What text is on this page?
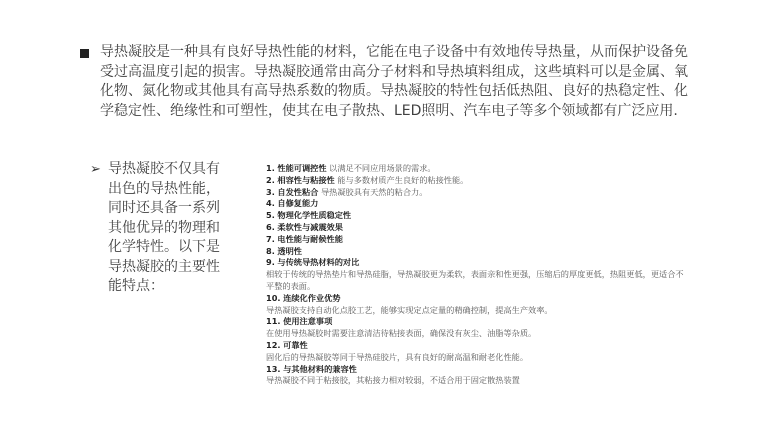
导热凝胶是一种具有良好导热性能的材料，它能在电子设备中有效地传导热量，从而保护设备免受过高温度引起的损害。导热凝胶通常由高分子材料和导热填料组成，这些填料可以是金属、氧化物、氮化物或其他具有高导热系数的物质。导热凝胶的特性包括低热阻、良好的热稳定性、化学稳定性、绝缘性和可塑性，使其在电子散热、LED照明、汽车电子等多个领域都有广泛应用.
➢ 导热凝胶不仅具有出色的导热性能，同时还具备一系列其他优异的物理和化学特性。以下是导热凝胶的主要性能特点：
1. 性能可调控性 以满足不同应用场景的需求。
2. 相容性与粘接性 能与多数材质产生良好的粘接性能。
3. 自发性粘合 导热凝胶具有天然的粘合力。
4. 自修复能力
5. 物理化学性质稳定性
6. 柔软性与减震效果
7. 电性能与耐候性能
8. 透明性
9. 与传统导热材料的对比
相较于传统的导热垫片和导热硅脂，导热凝胶更为柔软，表面亲和性更强，压缩后的厚度更低，热阻更低，更适合不平整的表面。
10. 连续化作业优势
导热凝胶支持自动化点胶工艺，能够实现定点定量的精确控制，提高生产效率。
11. 使用注意事项
在使用导热凝胶时需要注意清洁待粘接表面，确保没有灰尘、油脂等杂质。
12. 可靠性
固化后的导热凝胶等同于导热硅胶片，具有良好的耐高温和耐老化性能。
13. 与其他材料的兼容性
导热凝胶不同于粘接胶，其粘接力相对较弱，不适合用于固定散热装置
